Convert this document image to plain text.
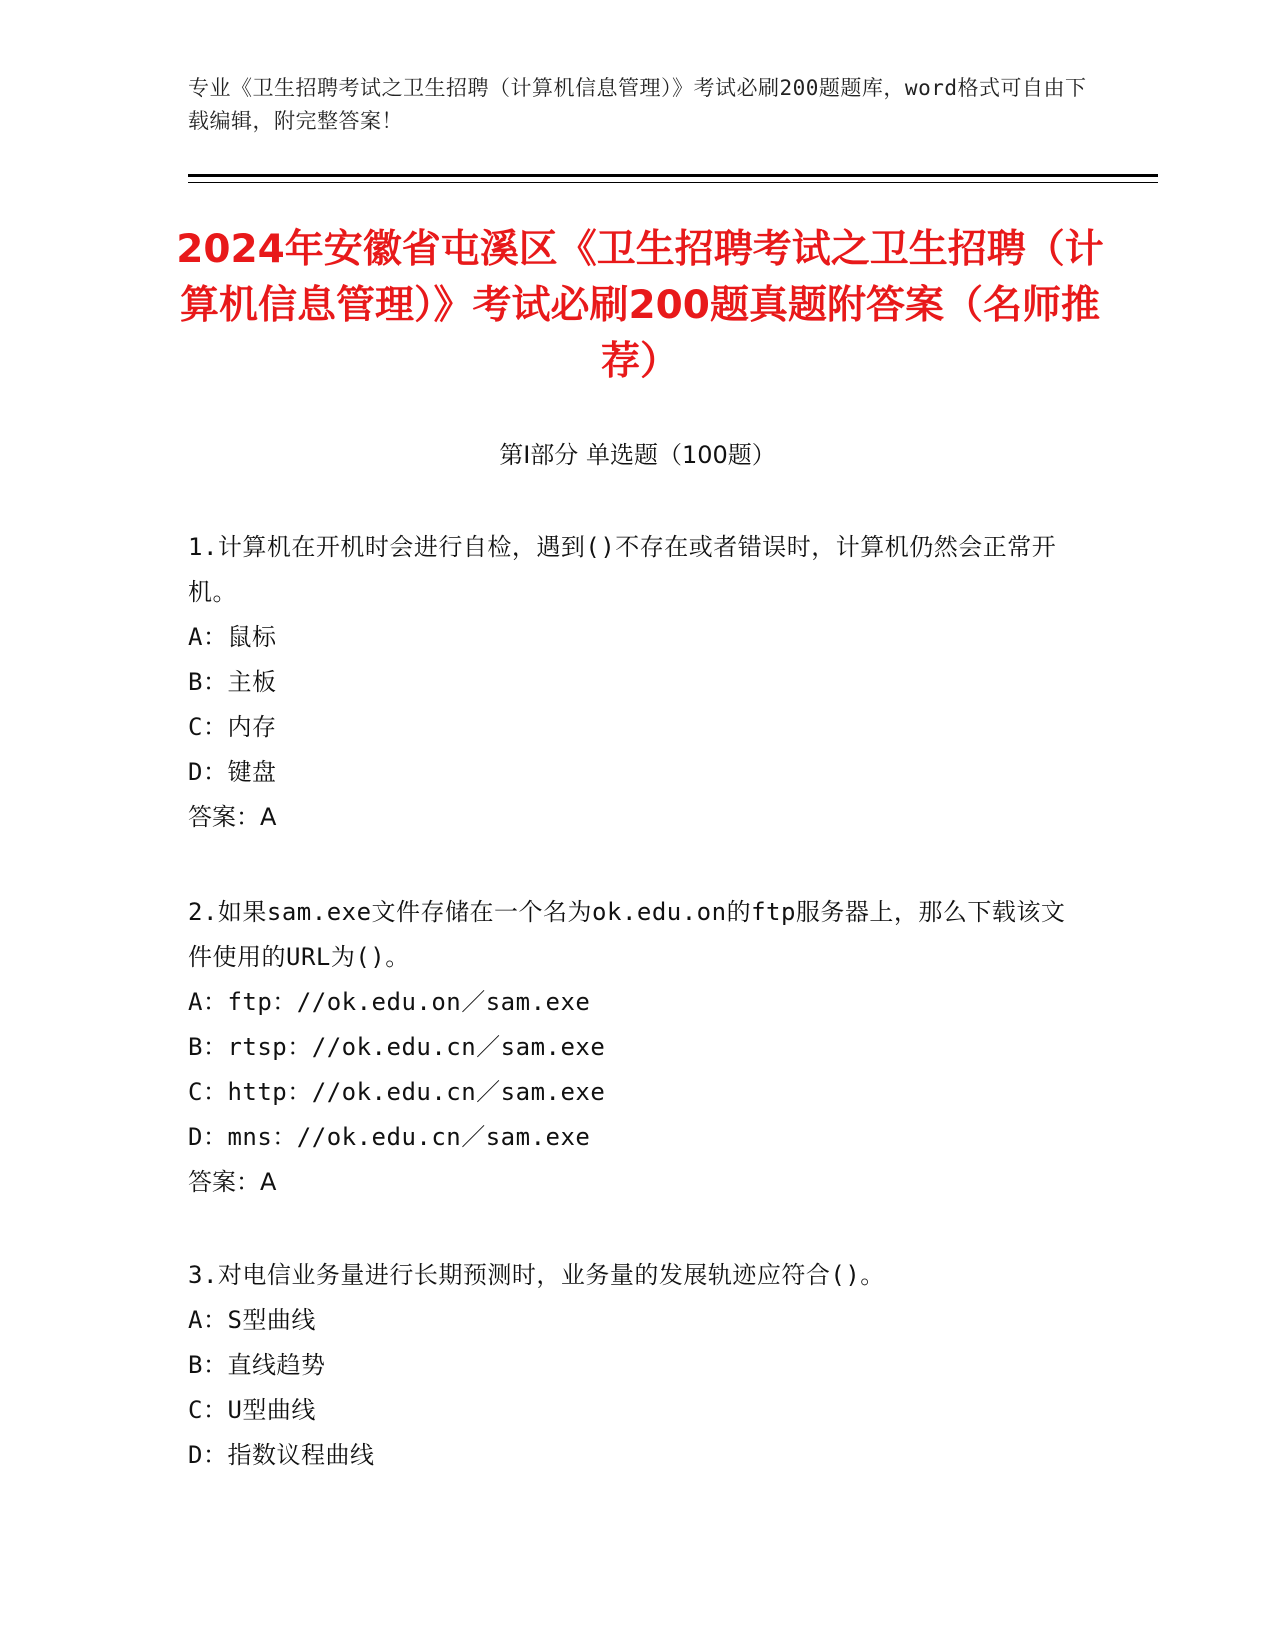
专业《卫生招聘考试之卫生招聘（计算机信息管理）》考试必刷200题题库，word格式可自由下载编辑，附完整答案！
2024年安徽省屯溪区《卫生招聘考试之卫生招聘（计算机信息管理）》考试必刷200题真题附答案（名师推荐）
第Ⅰ部分 单选题（100题）
1.计算机在开机时会进行自检，遇到()不存在或者错误时，计算机仍然会正常开机。
A：鼠标
B：主板
C：内存
D：键盘
答案：A
2.如果sam.exe文件存储在一个名为ok.edu.on的ftp服务器上，那么下载该文件使用的URL为()。
A：ftp：//ok.edu.on／sam.exe
B：rtsp：//ok.edu.cn／sam.exe
C：http：//ok.edu.cn／sam.exe
D：mns：//ok.edu.cn／sam.exe
答案：A
3.对电信业务量进行长期预测时，业务量的发展轨迹应符合()。
A：S型曲线
B：直线趋势
C：U型曲线
D：指数议程曲线
